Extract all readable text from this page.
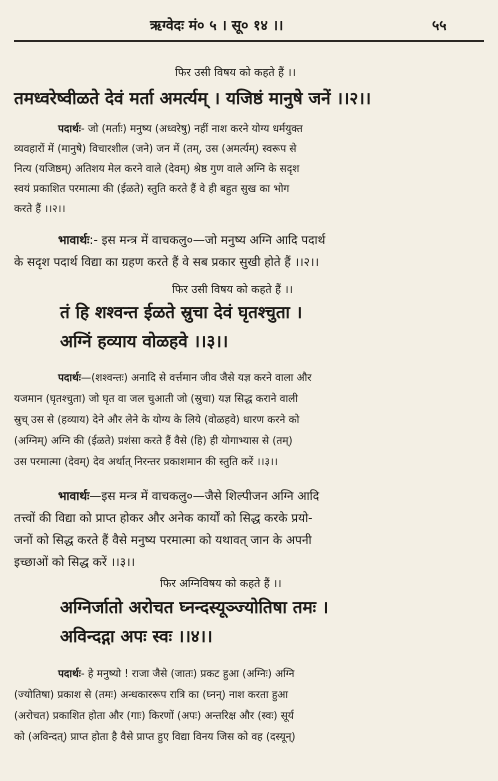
ऋग्वेदः मं० ५ । सू० १४ ।।	५५
फिर उसी विषय को कहते हैं ।।
तमध्वरेष्वीळते देवं मर्ता अमर्त्यम् । यजिष्ठं मानुषे जनें ।।२।।
पदार्थः- जो (मर्ताः) मनुष्य (अध्वरेषु) नहीं नाश करने योग्य धर्मयुक्त
व्यवहारों में (मानुषे) विचारशील (जने) जन में (तम्, उस (अमर्त्यम्) स्वरूप से
नित्य (यजिष्ठम्) अतिशय मेल करने वाले (देवम्) श्रेष्ठ गुण वाले अग्नि के सदृश
स्वयं प्रकाशित परमात्मा की (ईळते) स्तुति करते हैं वे ही बहुत सुख का भोग
करते हैं ।।२।।
भावार्थः:- इस मन्त्र में वाचकलु०—जो मनुष्य अग्नि आदि पदार्थ
के सदृश पदार्थ विद्या का ग्रहण करते हैं वे सब प्रकार सुखी होते हैं ।।२।।
फिर उसी विषय को कहते हैं ।।
तं हि शश्वन्त ईळते स्रुचा देवं घृतश्चुता ।
अग्निं हव्याय वोळहवे ।।३।।
पदार्थः—(शश्वन्तः) अनादि से वर्त्तमान जीव जैसे यज्ञ करने वाला और
यजमान (घृतश्चुता) जो घृत वा जल चुआती जो (स्रुचा) यज्ञ सिद्ध कराने वाली
स्रुच् उस से (हव्याय) देने और लेने के योग्य के लिये (वोळहवे) धारण करने को
(अग्निम्) अग्नि की (ईळते) प्रशंसा करते हैं वैसे (हि) ही योगाभ्यास से (तम्)
उस परमात्मा (देवम्) देव अर्थात् निरन्तर प्रकाशमान की स्तुति करें ।।३।।
भावार्थः—इस मन्त्र में वाचकलु०—जैसे शिल्पीजन अग्नि आदि
तत्त्वों की विद्या को प्राप्त होकर और अनेक कार्यों को सिद्ध करके प्रयो-
जनों को सिद्ध करते हैं वैसे मनुष्य परमात्मा को यथावत् जान के अपनी
इच्छाओं को सिद्ध करें ।।३।।
फिर अग्निविषय को कहते हैं ।।
अग्निर्जातो अरोचत घ्नन्दस्यूञ्ज्योतिषा तमः ।
अविन्दद्गा अपः स्वः ।।४।।
पदार्थः- हे मनुष्यो ! राजा जैसे (जातः) प्रकट हुआ (अग्निः) अग्नि
(ज्योतिषा) प्रकाश से (तमः) अन्धकाररूप रात्रि का (घ्नन्) नाश करता हुआ
(अरोचत) प्रकाशित होता और (गाः) किरणों (अपः) अन्तरिक्ष और (स्वः) सूर्य
को (अविन्दत्) प्राप्त होता है वैसे प्राप्त हुए विद्या विनय जिस को वह (दस्यून्)
